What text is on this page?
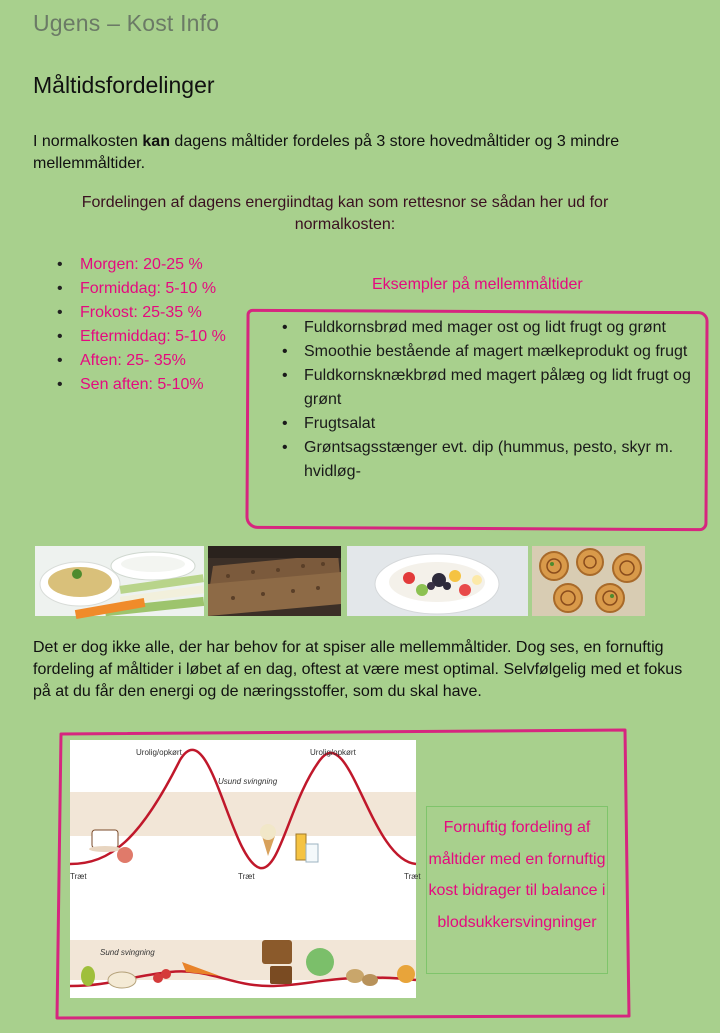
Ugens – Kost Info
Måltidsfordelinger
I normalkosten kan dagens måltider fordeles på 3 store hovedmåltider og 3 mindre mellemmåltider.
Fordelingen af dagens energiindtag kan som rettesnor se sådan her ud for normalkosten:
• Morgen: 20-25 %
• Formiddag: 5-10 %
• Frokost: 25-35 %
• Eftermiddag: 5-10 %
• Aften: 25- 35%
• Sen aften: 5-10%
Eksempler på mellemmåltider
• Fuldkornsbrød med mager ost og lidt frugt og grønt
• Smoothie bestående af magert mælkeprodukt og frugt
• Fuldkornsknækbrød med magert pålæg og lidt frugt og grønt
• Frugtsalat
• Grøntsagsstænger evt. dip (hummus, pesto, skyr m. hvidløg-
Det er dog ikke alle, der har behov for at spiser alle mellemmåltider. Dog ses, en fornuftig fordeling af måltider i løbet af en dag, oftest at være mest optimal. Selvfølgelig med et fokus på at du får den energi og de næringsstoffer, som du skal have.
Urolig/opkørt	Urolig/opkørt
Usund svingning
Træt	Træt	Træt
Sund svingning
Fornuftig fordeling af måltider med en fornuftig kost bidrager til balance i blodsukkersvingninger
